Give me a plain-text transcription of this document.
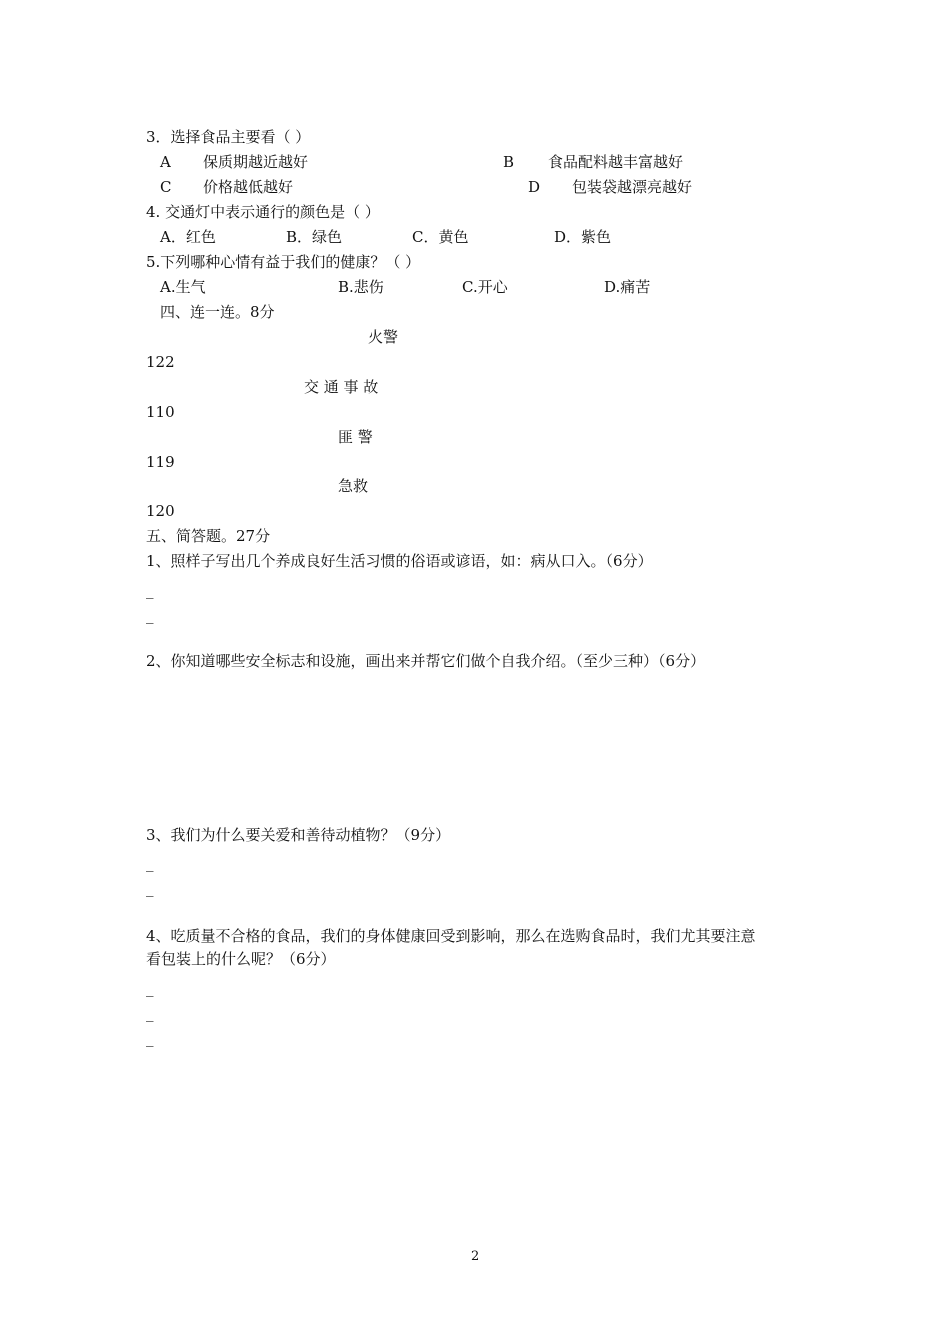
3．选择食品主要看（ ）
A 保质期越近越好	B 食品配料越丰富越好
C 价格越低越好	D 包装袋越漂亮越好
4. 交通灯中表示通行的颜色是（ ）
A．红色	B．绿色	C．黄色	D．紫色
5.下列哪种心情有益于我们的健康？（ ）
A.生气	B.悲伤	C.开心	D.痛苦
四、连一连。8分
火警
122
交 通 事 故
110
匪 警
119
急救
120
五、简答题。27分
1、照样子写出几个养成良好生活习惯的俗语或谚语，如：病从口入。（6分）
_
_
2、你知道哪些安全标志和设施，画出来并帮它们做个自我介绍。（至少三种）（6分）
3、我们为什么要关爱和善待动植物？（9分）
_
_
4、吃质量不合格的食品，我们的身体健康回受到影响，那么在选购食品时，我们尤其要注意
看包装上的什么呢？（6分）
_
_
_
2
